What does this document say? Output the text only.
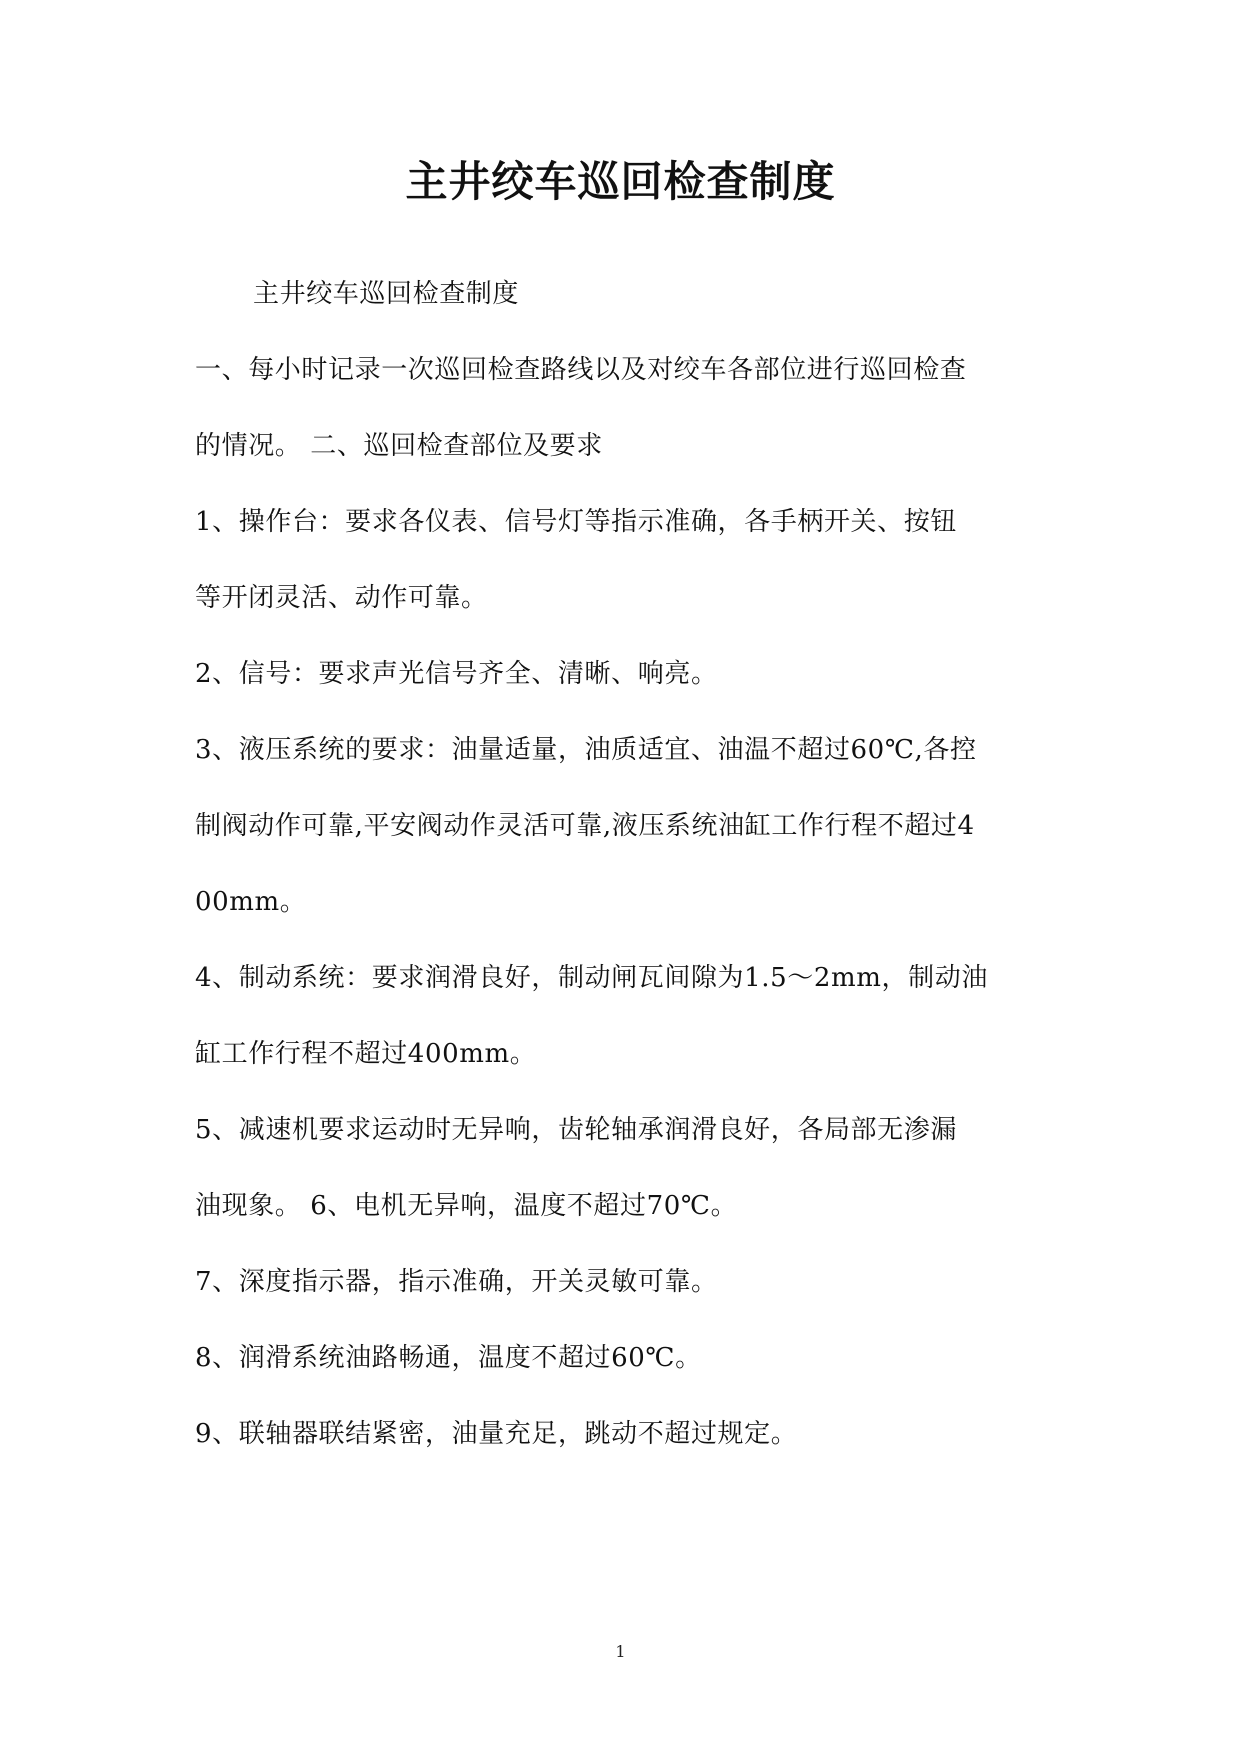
主井绞车巡回检查制度
主井绞车巡回检查制度
一、每小时记录一次巡回检查路线以及对绞车各部位进行巡回检查
的情况。 二、巡回检查部位及要求
1、操作台：要求各仪表、信号灯等指示准确，各手柄开关、按钮
等开闭灵活、动作可靠。
2、信号：要求声光信号齐全、清晰、响亮。
3、液压系统的要求：油量适量，油质适宜、油温不超过60℃,各控
制阀动作可靠,平安阀动作灵活可靠,液压系统油缸工作行程不超过4
00mm。
4、制动系统：要求润滑良好，制动闸瓦间隙为1.5～2mm，制动油
缸工作行程不超过400mm。
5、减速机要求运动时无异响，齿轮轴承润滑良好，各局部无渗漏
油现象。 6、电机无异响，温度不超过70℃。
7、深度指示器，指示准确，开关灵敏可靠。
8、润滑系统油路畅通，温度不超过60℃。
9、联轴器联结紧密，油量充足，跳动不超过规定。
1
